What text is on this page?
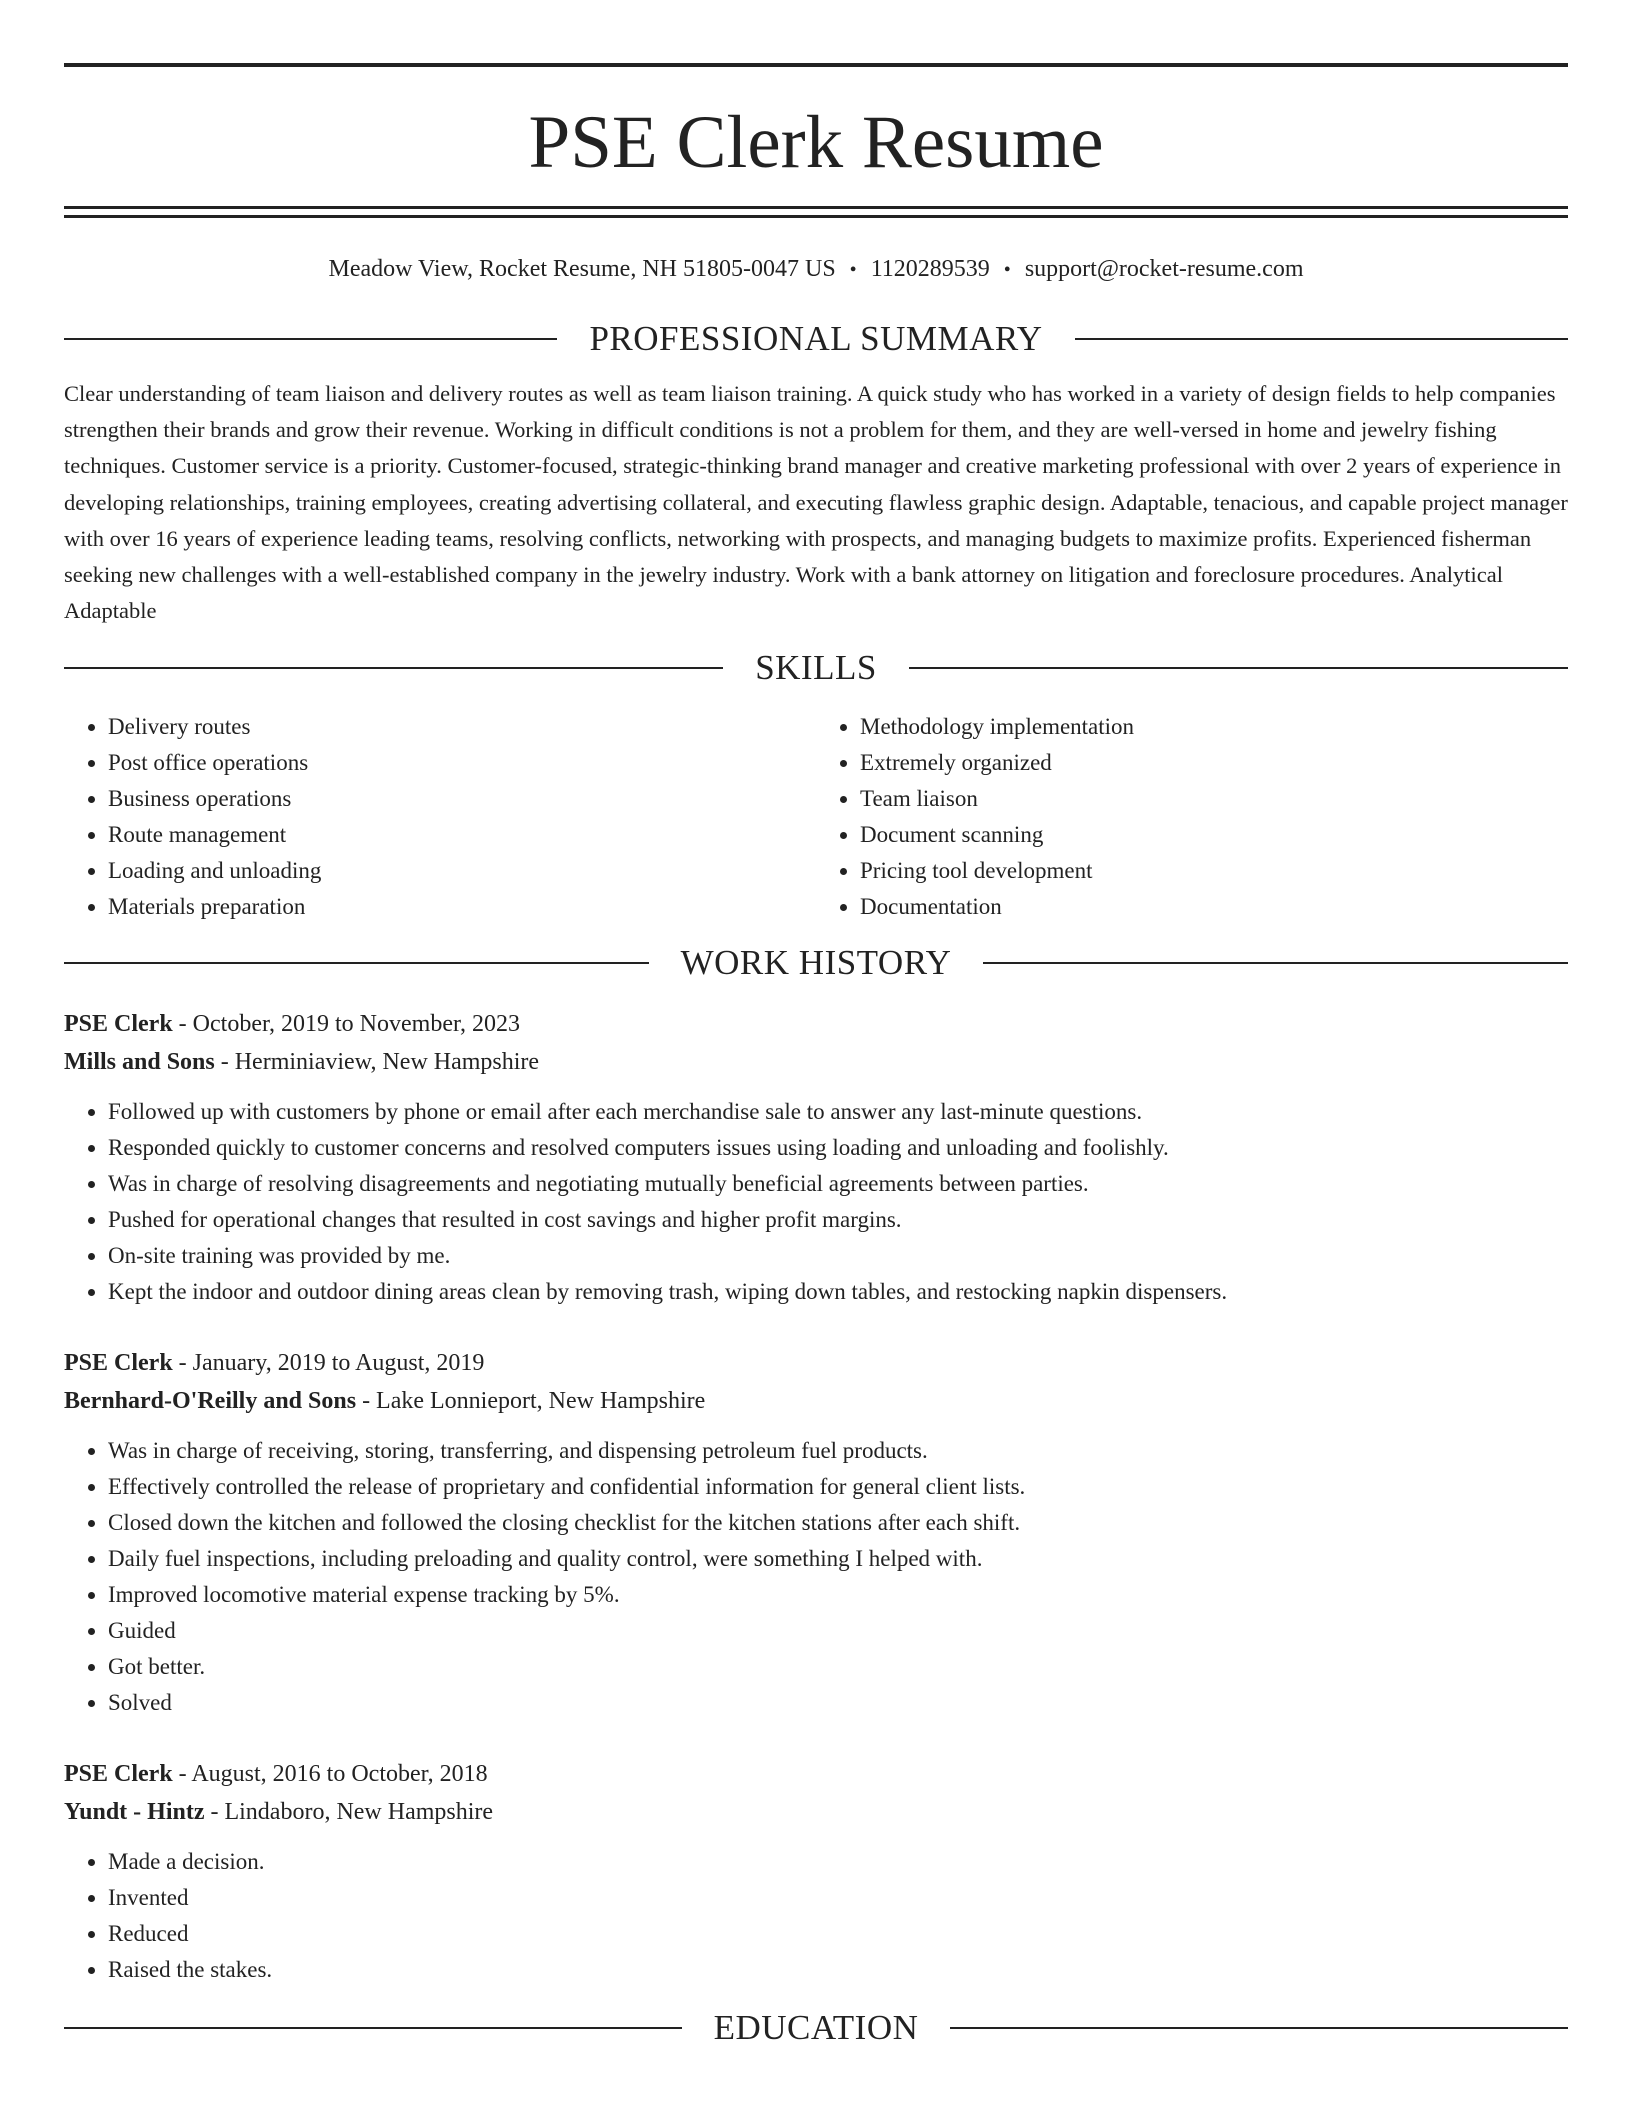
PSE Clerk Resume
Meadow View, Rocket Resume, NH 51805-0047 US • 1120289539 • support@rocket-resume.com
PROFESSIONAL SUMMARY
Clear understanding of team liaison and delivery routes as well as team liaison training. A quick study who has worked in a variety of design fields to help companies strengthen their brands and grow their revenue. Working in difficult conditions is not a problem for them, and they are well-versed in home and jewelry fishing techniques. Customer service is a priority. Customer-focused, strategic-thinking brand manager and creative marketing professional with over 2 years of experience in developing relationships, training employees, creating advertising collateral, and executing flawless graphic design. Adaptable, tenacious, and capable project manager with over 16 years of experience leading teams, resolving conflicts, networking with prospects, and managing budgets to maximize profits. Experienced fisherman seeking new challenges with a well-established company in the jewelry industry. Work with a bank attorney on litigation and foreclosure procedures. Analytical Adaptable
SKILLS
• Delivery routes
• Post office operations
• Business operations
• Route management
• Loading and unloading
• Materials preparation
• Methodology implementation
• Extremely organized
• Team liaison
• Document scanning
• Pricing tool development
• Documentation
WORK HISTORY
PSE Clerk - October, 2019 to November, 2023
Mills and Sons - Herminiaview, New Hampshire
• Followed up with customers by phone or email after each merchandise sale to answer any last-minute questions.
• Responded quickly to customer concerns and resolved computers issues using loading and unloading and foolishly.
• Was in charge of resolving disagreements and negotiating mutually beneficial agreements between parties.
• Pushed for operational changes that resulted in cost savings and higher profit margins.
• On-site training was provided by me.
• Kept the indoor and outdoor dining areas clean by removing trash, wiping down tables, and restocking napkin dispensers.
PSE Clerk - January, 2019 to August, 2019
Bernhard-O'Reilly and Sons - Lake Lonnieport, New Hampshire
• Was in charge of receiving, storing, transferring, and dispensing petroleum fuel products.
• Effectively controlled the release of proprietary and confidential information for general client lists.
• Closed down the kitchen and followed the closing checklist for the kitchen stations after each shift.
• Daily fuel inspections, including preloading and quality control, were something I helped with.
• Improved locomotive material expense tracking by 5%.
• Guided
• Got better.
• Solved
PSE Clerk - August, 2016 to October, 2018
Yundt - Hintz - Lindaboro, New Hampshire
• Made a decision.
• Invented
• Reduced
• Raised the stakes.
EDUCATION
